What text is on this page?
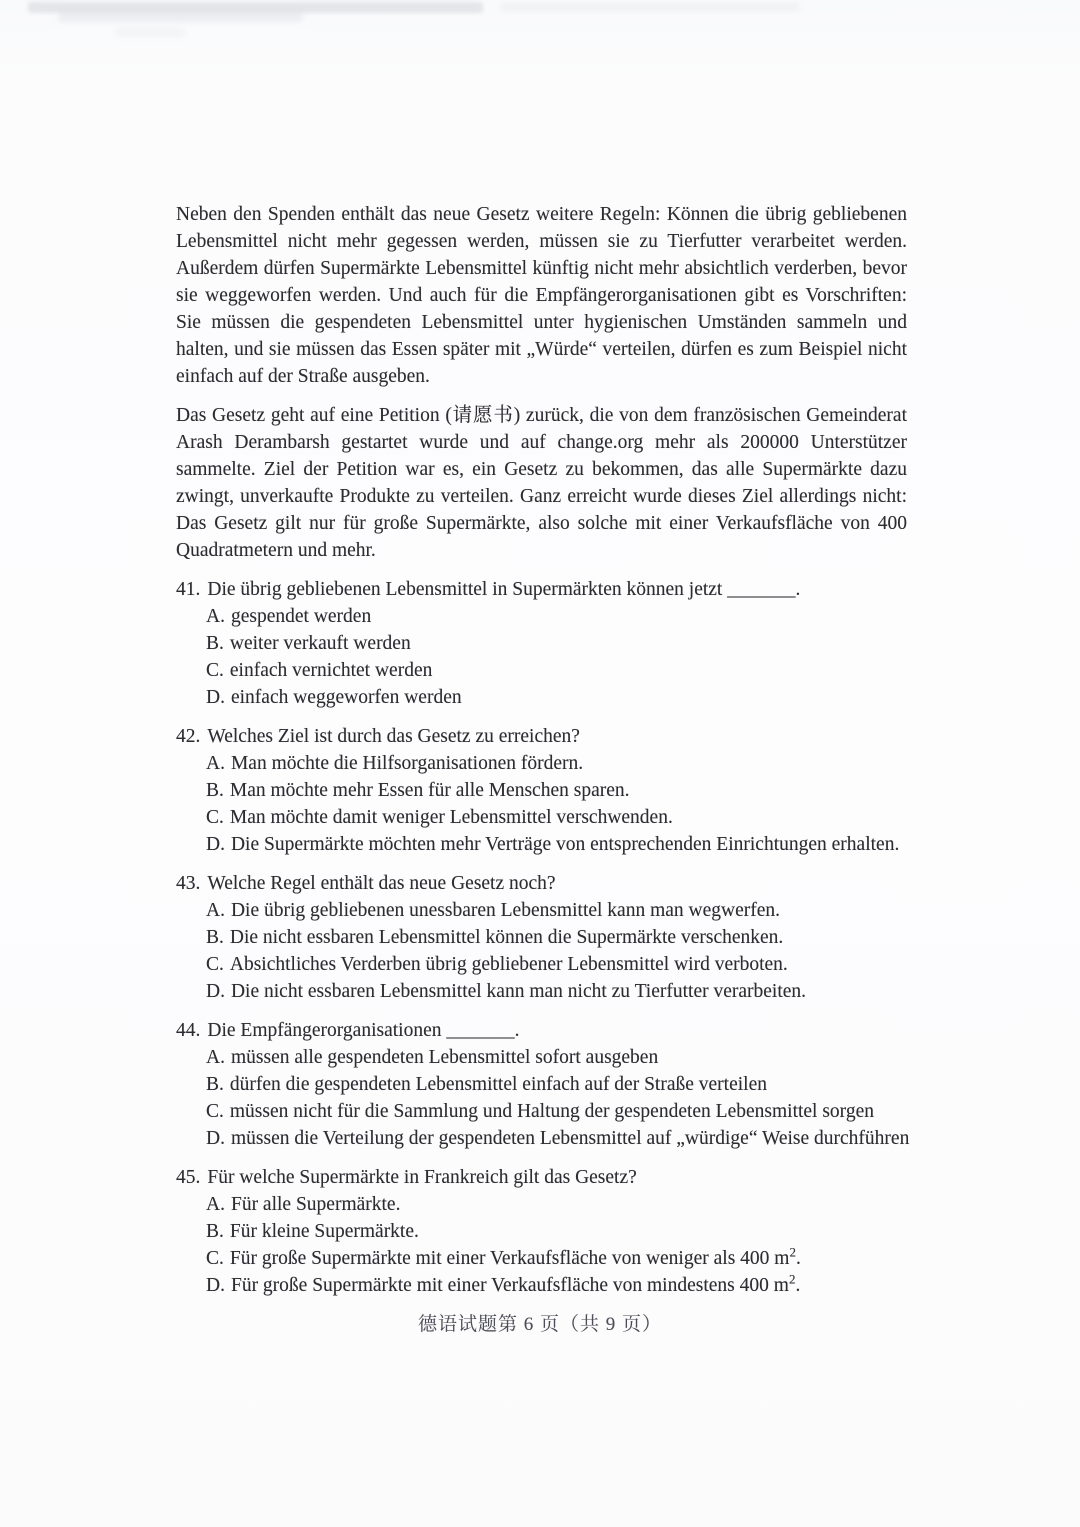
Neben den Spenden enthält das neue Gesetz weitere Regeln: Können die übrig gebliebenen Lebensmittel nicht mehr gegessen werden, müssen sie zu Tierfutter verarbeitet werden. Außerdem dürfen Supermärkte Lebensmittel künftig nicht mehr absichtlich verderben, bevor sie weggeworfen werden. Und auch für die Empfängerorganisationen gibt es Vorschriften: Sie müssen die gespendeten Lebensmittel unter hygienischen Umständen sammeln und halten, und sie müssen das Essen später mit „Würde“ verteilen, dürfen es zum Beispiel nicht einfach auf der Straße ausgeben.

Das Gesetz geht auf eine Petition (请愿书) zurück, die von dem französischen Gemeinderat Arash Derambarsh gestartet wurde und auf change.org mehr als 200000 Unterstützer sammelte. Ziel der Petition war es, ein Gesetz zu bekommen, das alle Supermärkte dazu zwingt, unverkaufte Produkte zu verteilen. Ganz erreicht wurde dieses Ziel allerdings nicht: Das Gesetz gilt nur für große Supermärkte, also solche mit einer Verkaufsfläche von 400 Quadratmetern und mehr.

41. Die übrig gebliebenen Lebensmittel in Supermärkten können jetzt _______.
A. gespendet werden
B. weiter verkauft werden
C. einfach vernichtet werden
D. einfach weggeworfen werden
42. Welches Ziel ist durch das Gesetz zu erreichen?
A. Man möchte die Hilfsorganisationen fördern.
B. Man möchte mehr Essen für alle Menschen sparen.
C. Man möchte damit weniger Lebensmittel verschwenden.
D. Die Supermärkte möchten mehr Verträge von entsprechenden Einrichtungen erhalten.
43. Welche Regel enthält das neue Gesetz noch?
A. Die übrig gebliebenen unessbaren Lebensmittel kann man wegwerfen.
B. Die nicht essbaren Lebensmittel können die Supermärkte verschenken.
C. Absichtliches Verderben übrig gebliebener Lebensmittel wird verboten.
D. Die nicht essbaren Lebensmittel kann man nicht zu Tierfutter verarbeiten.
44. Die Empfängerorganisationen _______.
A. müssen alle gespendeten Lebensmittel sofort ausgeben
B. dürfen die gespendeten Lebensmittel einfach auf der Straße verteilen
C. müssen nicht für die Sammlung und Haltung der gespendeten Lebensmittel sorgen
D. müssen die Verteilung der gespendeten Lebensmittel auf „würdige“ Weise durchführen
45. Für welche Supermärkte in Frankreich gilt das Gesetz?
A. Für alle Supermärkte.
B. Für kleine Supermärkte.
C. Für große Supermärkte mit einer Verkaufsfläche von weniger als 400 $m^2$.
D. Für große Supermärkte mit einer Verkaufsfläche von mindestens 400 $m^2$.
德语试题第 6 页（共 9 页）
